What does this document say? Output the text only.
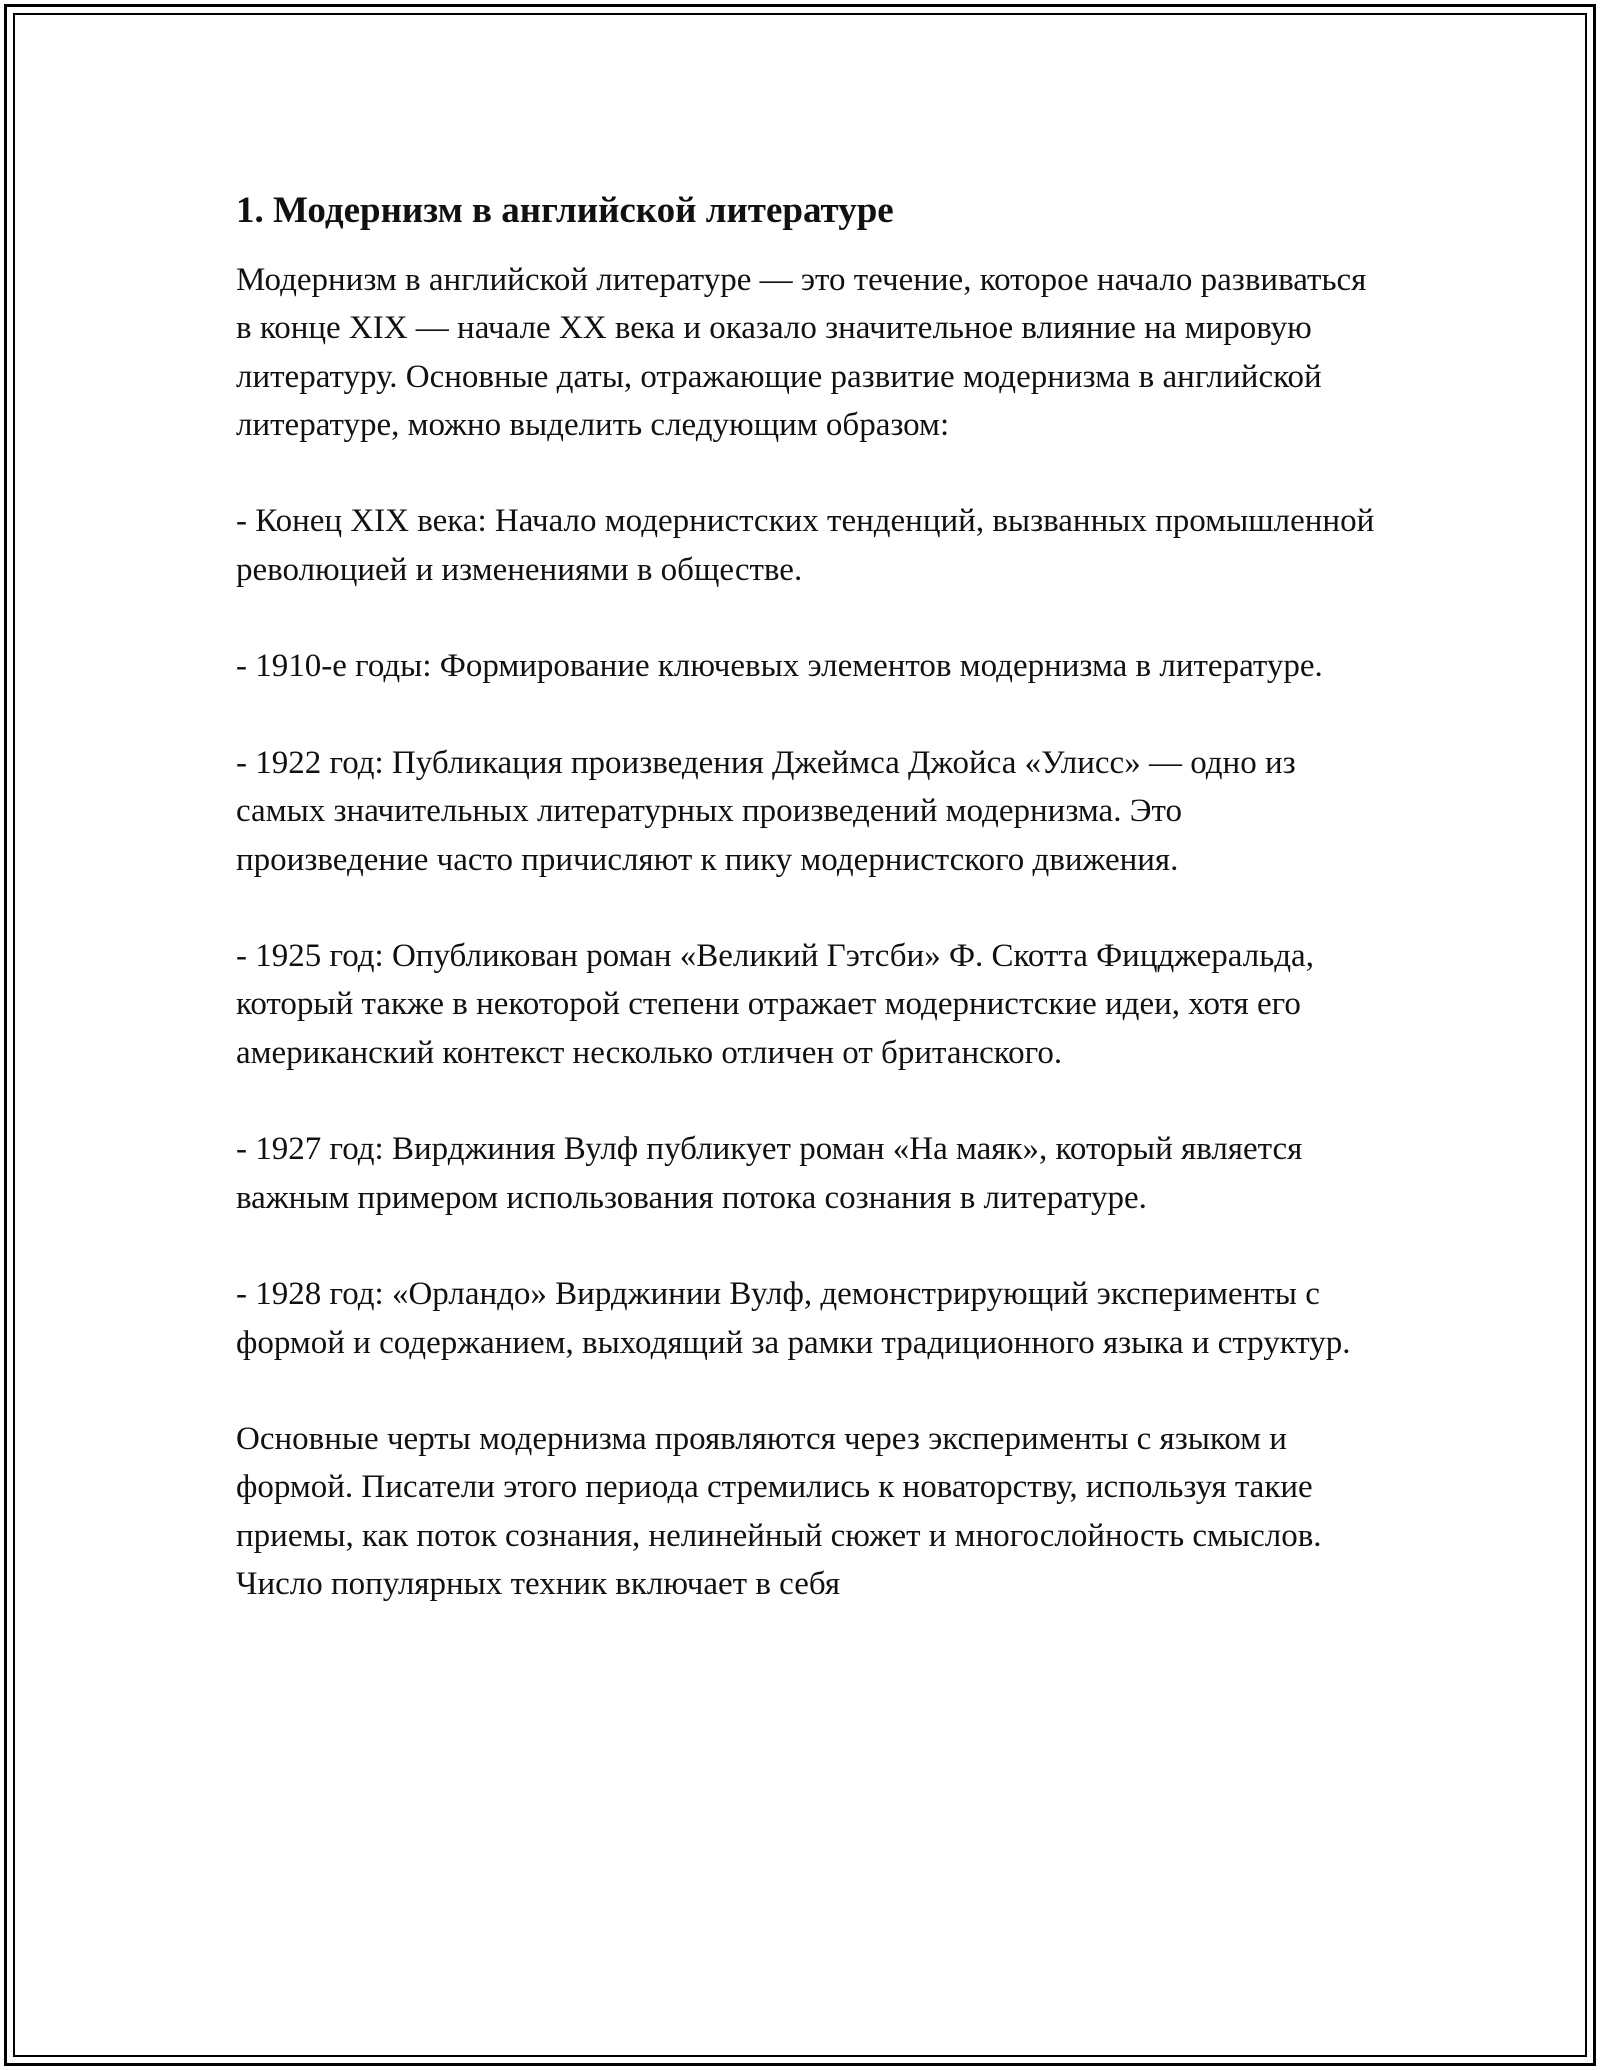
1. Модернизм в английской литературе

Модернизм в английской литературе — это течение, которое начало развиваться в конце XIX — начале XX века и оказало значительное влияние на мировую литературу. Основные даты, отражающие развитие модернизма в английской литературе, можно выделить следующим образом:

- Конец XIX века: Начало модернистских тенденций, вызванных промышленной революцией и изменениями в обществе.

- 1910-е годы: Формирование ключевых элементов модернизма в литературе.

- 1922 год: Публикация произведения Джеймса Джойса «Улисс» — одно из самых значительных литературных произведений модернизма. Это произведение часто причисляют к пику модернистского движения.

- 1925 год: Опубликован роман «Великий Гэтсби» Ф. Скотта Фицджеральда, который также в некоторой степени отражает модернистские идеи, хотя его американский контекст несколько отличен от британского.

- 1927 год: Вирджиния Вулф публикует роман «На маяк», который является важным примером использования потока сознания в литературе.

- 1928 год: «Орландо» Вирджинии Вулф, демонстрирующий эксперименты с формой и содержанием, выходящий за рамки традиционного языка и структур.

Основные черты модернизма проявляются через эксперименты с языком и формой. Писатели этого периода стремились к новаторству, используя такие приемы, как поток сознания, нелинейный сюжет и многослойность смыслов. Число популярных техник включает в себя
